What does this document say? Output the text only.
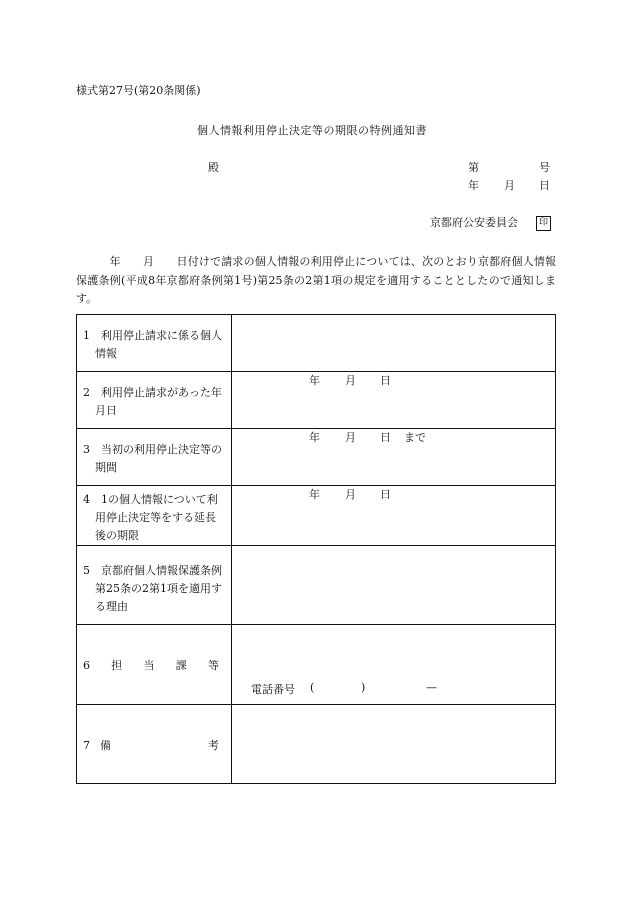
様式第27号(第20条関係)
個人情報利用停止決定等の期限の特例通知書
殿	第	号
年 月 日
京都府公安委員会	印
　　　年　　月　　日付けで請求の個人情報の利用停止については、次のとおり京都府個人情報保護条例(平成8年京都府条例第1号)第25条の2第1項の規定を適用することとしたので通知します。
1　利用停止請求に係る個人情報	

2　利用停止請求があった年月日	年 月 日

3　当初の利用停止決定等の期間	年 月 日 まで

4　1の個人情報について利用停止決定等をする延長後の期限	年 月 日

5　京都府個人情報保護条例第25条の2第1項を適用する理由	

6 担 当 課 等	電話番号 ( ) —

7 備 考	
